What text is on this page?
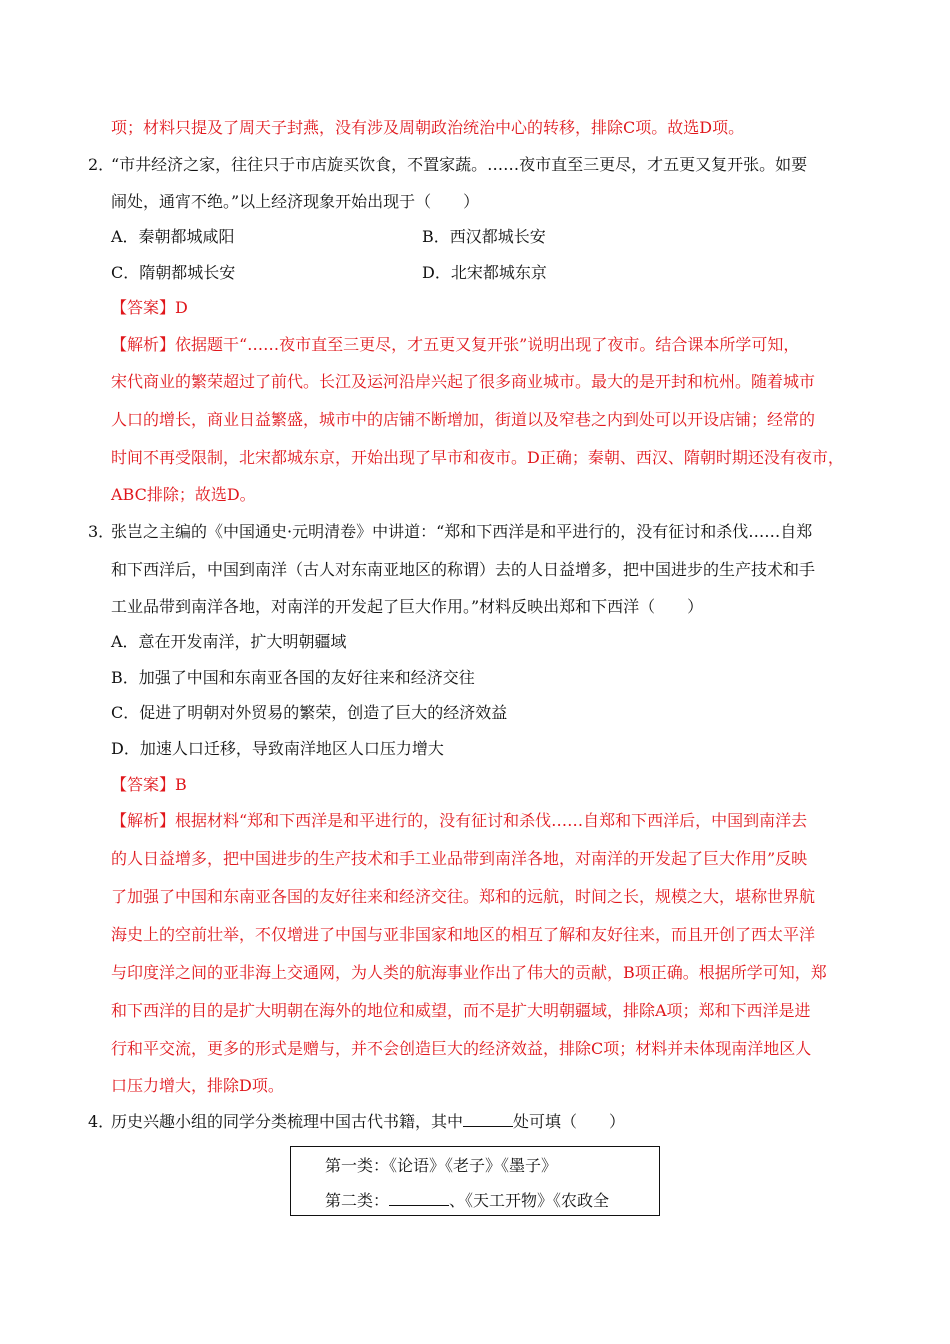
项；材料只提及了周天子封燕，没有涉及周朝政治统治中心的转移，排除C项。故选D项。
2．
“市井经济之家，往往只于市店旋买饮食，不置家蔬。……夜市直至三更尽，才五更又复开张。如要
闹处，通宵不绝。”以上经济现象开始出现于（　　）
A．秦朝都城咸阳	B．西汉都城长安
C．隋朝都城长安	D．北宋都城东京
【答案】D
【解析】依据题干“……夜市直至三更尽，才五更又复开张”说明出现了夜市。结合课本所学可知，
宋代商业的繁荣超过了前代。长江及运河沿岸兴起了很多商业城市。最大的是开封和杭州。随着城市
人口的增长，商业日益繁盛，城市中的店铺不断增加，街道以及窄巷之内到处可以开设店铺；经常的
时间不再受限制，北宋都城东京，开始出现了早市和夜市。D正确；秦朝、西汉、隋朝时期还没有夜市，
ABC排除；故选D。
3．
张岂之主编的《中国通史·元明清卷》中讲道：“郑和下西洋是和平进行的，没有征讨和杀伐……自郑
和下西洋后，中国到南洋（古人对东南亚地区的称谓）去的人日益增多，把中国进步的生产技术和手
工业品带到南洋各地，对南洋的开发起了巨大作用。”材料反映出郑和下西洋（　　）
A．意在开发南洋，扩大明朝疆域
B．加强了中国和东南亚各国的友好往来和经济交往
C．促进了明朝对外贸易的繁荣，创造了巨大的经济效益
D．加速人口迁移，导致南洋地区人口压力增大
【答案】B
【解析】根据材料“郑和下西洋是和平进行的，没有征讨和杀伐……自郑和下西洋后，中国到南洋去
的人日益增多，把中国进步的生产技术和手工业品带到南洋各地，对南洋的开发起了巨大作用”反映
了加强了中国和东南亚各国的友好往来和经济交往。郑和的远航，时间之长，规模之大，堪称世界航
海史上的空前壮举，不仅增进了中国与亚非国家和地区的相互了解和友好往来，而且开创了西太平洋
与印度洋之间的亚非海上交通网，为人类的航海事业作出了伟大的贡献，B项正确。根据所学可知，郑
和下西洋的目的是扩大明朝在海外的地位和威望，而不是扩大明朝疆域，排除A项；郑和下西洋是进
行和平交流，更多的形式是赠与，并不会创造巨大的经济效益，排除C项；材料并未体现南洋地区人
口压力增大，排除D项。
4．
历史兴趣小组的同学分类梳理中国古代书籍，其中	处可填（　　）
第一类：《论语》《老子》《墨子》
第二类：	、《天工开物》《农政全
